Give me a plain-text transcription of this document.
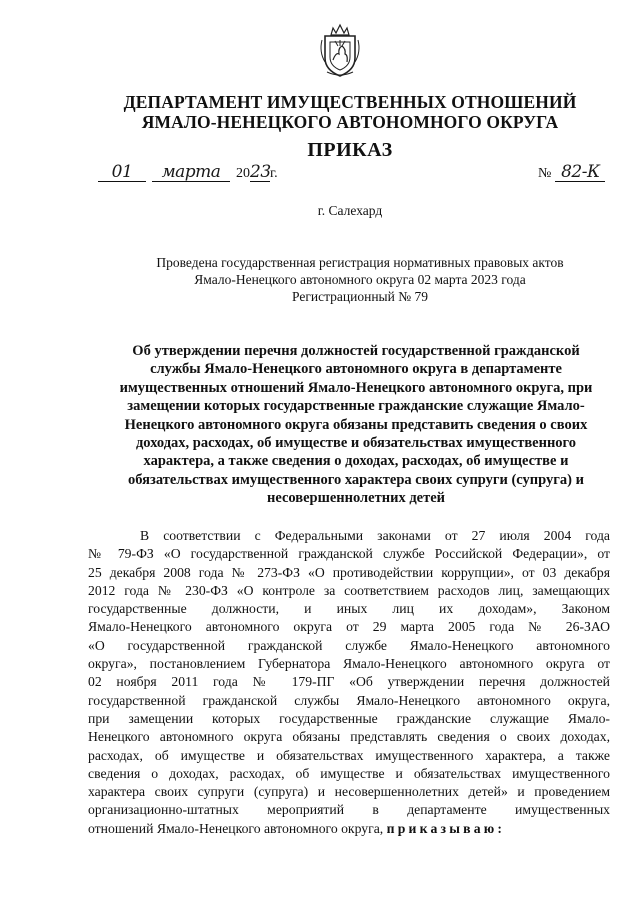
ДЕПАРТАМЕНТ ИМУЩЕСТВЕННЫХ ОТНОШЕНИЙ
ЯМАЛО-НЕНЕЦКОГО АВТОНОМНОГО ОКРУГА
ПРИКАЗ
01	марта	20 23 г.	№ 82-К
г. Салехард
Проведена государственная регистрация нормативных правовых актов
Ямало-Ненецкого автономного округа 02 марта 2023 года
Регистрационный № 79
Об утверждении перечня должностей государственной гражданской
службы Ямало-Ненецкого автономного округа в департаменте
имущественных отношений Ямало-Ненецкого автономного округа, при
замещении которых государственные гражданские служащие Ямало-
Ненецкого автономного округа обязаны представить сведения о своих
доходах, расходах, об имуществе и обязательствах имущественного
характера, а также сведения о доходах, расходах, об имуществе и
обязательствах имущественного характера своих супруги (супруга) и
несовершеннолетних детей
В соответствии с Федеральными законами от 27 июля 2004 года
№ 79-ФЗ «О государственной гражданской службе Российской Федерации», от
25 декабря 2008 года № 273-ФЗ «О противодействии коррупции», от 03 декабря
2012 года № 230-ФЗ «О контроле за соответствием расходов лиц, замещающих
государственные должности, и иных лиц их доходам», Законом
Ямало-Ненецкого автономного округа от 29 марта 2005 года № 26-ЗАО
«О государственной гражданской службе Ямало-Ненецкого автономного
округа», постановлением Губернатора Ямало-Ненецкого автономного округа от
02 ноября 2011 года № 179-ПГ «Об утверждении перечня должностей
государственной гражданской службы Ямало-Ненецкого автономного округа,
при замещении которых государственные гражданские служащие Ямало-
Ненецкого автономного округа обязаны представлять сведения о своих доходах,
расходах, об имуществе и обязательствах имущественного характера, а также
сведения о доходах, расходах, об имуществе и обязательствах имущественного
характера своих супруги (супруга) и несовершеннолетних детей» и проведением
организационно-штатных мероприятий в департаменте имущественных
отношений Ямало-Ненецкого автономного округа, приказываю:
